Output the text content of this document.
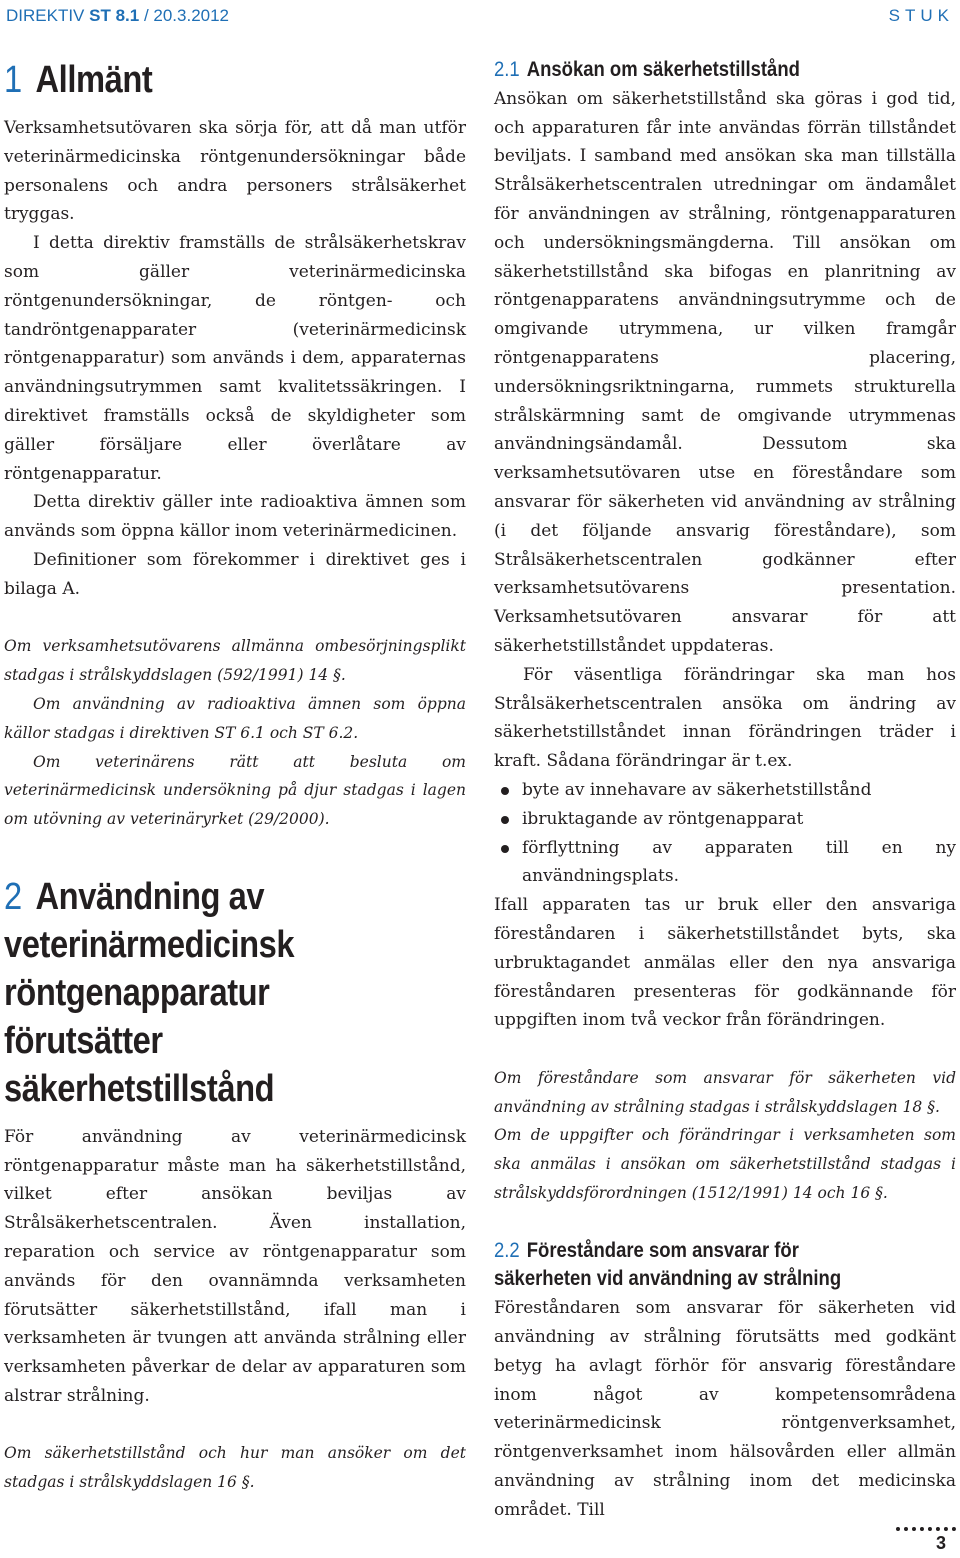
DIREKTIV ST 8.1 / 20.3.2012	STUK
1 Allmänt

Verksamhetsutövaren ska sörja för, att då man utför veterinärmedicinska röntgenundersökningar både personalens och andra personers strålsäkerhet tryggas.

I detta direktiv framställs de strålsäkerhetskrav som gäller veterinärmedicinska röntgenundersökningar, de röntgen- och tandröntgenapparater (veterinärmedicinsk röntgenapparatur) som används i dem, apparaternas användningsutrymmen samt kvalitetssäkringen. I direktivet framställs också de skyldigheter som gäller försäljare eller överlåtare av röntgenapparatur.

Detta direktiv gäller inte radioaktiva ämnen som används som öppna källor inom veterinärmedicinen.

Definitioner som förekommer i direktivet ges i bilaga A.

Om verksamhetsutövarens allmänna ombesörjningsplikt stadgas i strålskyddslagen (592/1991) 14 §.

Om användning av radioaktiva ämnen som öppna källor stadgas i direktiven ST 6.1 och ST 6.2.

Om veterinärens rätt att besluta om veterinärmedicinsk undersökning på djur stadgas i lagen om utövning av veterinäryrket (29/2000).

2 Användning av veterinärmedicinsk röntgenapparatur förutsätter säkerhetstillstånd

För användning av veterinärmedicinsk röntgenapparatur måste man ha säkerhetstillstånd, vilket efter ansökan beviljas av Strålsäkerhetscentralen. Även installation, reparation och service av röntgenapparatur som används för den ovannämnda verksamheten förutsätter säkerhetstillstånd, ifall man i verksamheten är tvungen att använda strålning eller verksamheten påverkar de delar av apparaturen som alstrar strålning.

Om säkerhetstillstånd och hur man ansöker om det stadgas i strålskyddslagen 16 §.

2.1 Ansökan om säkerhetstillstånd

Ansökan om säkerhetstillstånd ska göras i god tid, och apparaturen får inte användas förrän tillståndet beviljats. I samband med ansökan ska man tillställa Strålsäkerhetscentralen utredningar om ändamålet för användningen av strålning, röntgenapparaturen och undersökningsmängderna. Till ansökan om säkerhetstillstånd ska bifogas en planritning av röntgenapparatens användningsutrymme och de omgivande utrymmena, ur vilken framgår röntgenapparatens placering, undersökningsriktningarna, rummets strukturella strålskärmning samt de omgivande utrymmenas användningsändamål. Dessutom ska verksamhetsutövaren utse en föreståndare som ansvarar för säkerheten vid användning av strålning (i det följande ansvarig föreståndare), som Strålsäkerhetscentralen godkänner efter verksamhetsutövarens presentation. Verksamhetsutövaren ansvarar för att säkerhetstillståndet uppdateras.

För väsentliga förändringar ska man hos Strålsäkerhetscentralen ansöka om ändring av säkerhetstillståndet innan förändringen träder i kraft. Sådana förändringar är t.ex.

byte av innehavare av säkerhetstillstånd
ibruktagande av röntgenapparat
förflyttning av apparaten till en ny användningsplats.

Ifall apparaten tas ur bruk eller den ansvariga föreståndaren i säkerhetstillståndet byts, ska urbruktagandet anmälas eller den nya ansvariga föreståndaren presenteras för godkännande för uppgiften inom två veckor från förändringen.

Om föreståndare som ansvarar för säkerheten vid användning av strålning stadgas i strålskyddslagen 18 §.

Om de uppgifter och förändringar i verksamheten som ska anmälas i ansökan om säkerhetstillstånd stadgas i strålskyddsförordningen (1512/1991) 14 och 16 §.

2.2 Föreståndare som ansvarar för
säkerheten vid användning av strålning

Föreståndaren som ansvarar för säkerheten vid användning av strålning förutsätts med godkänt betyg ha avlagt förhör för ansvarig föreståndare inom något av kompetensområdena veterinärmedicinsk röntgenverksamhet, röntgenverksamhet inom hälsovården eller allmän användning av strålning inom det medicinska området. Till

3
